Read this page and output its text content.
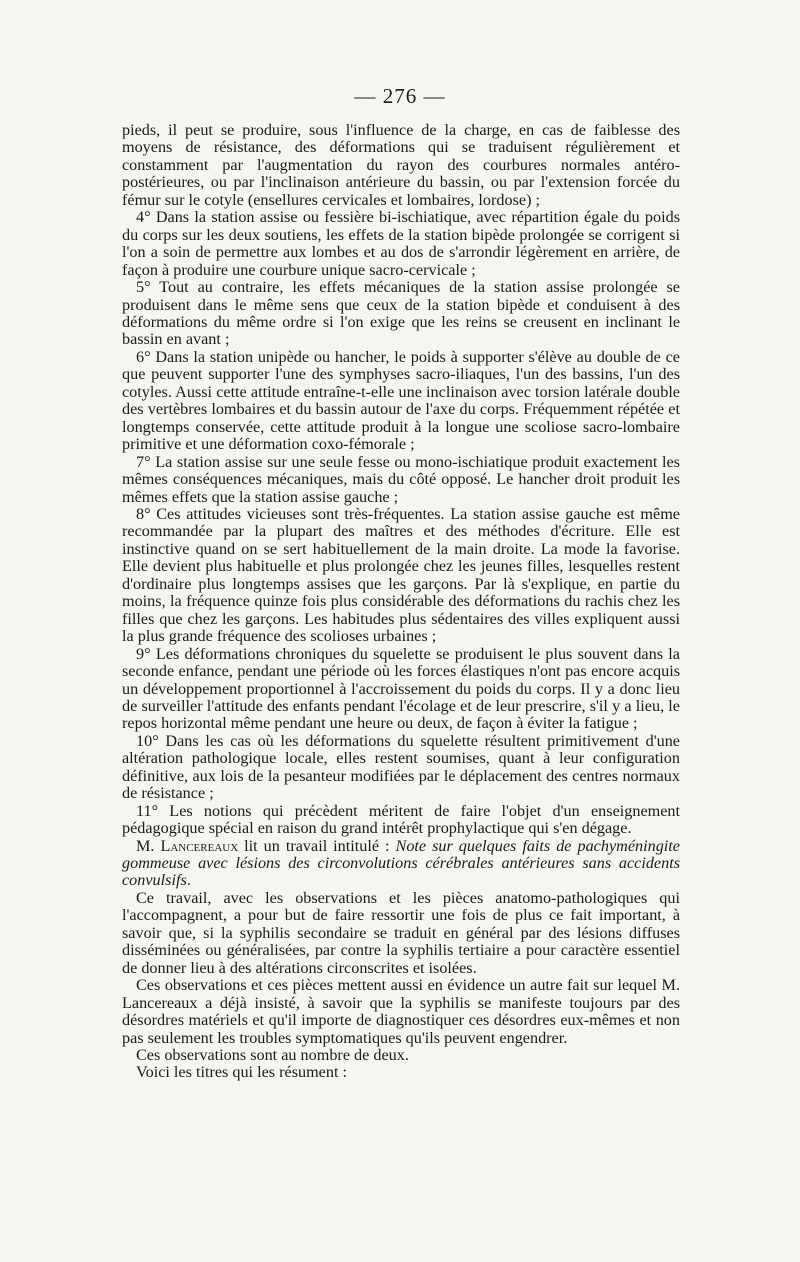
— 276 —

pieds, il peut se produire, sous l'influence de la charge, en cas de faiblesse des moyens de résistance, des déformations qui se traduisent régulièrement et constamment par l'augmentation du rayon des courbures normales antéro-postérieures, ou par l'inclinaison antérieure du bassin, ou par l'extension forcée du fémur sur le cotyle (ensellures cervicales et lombaires, lordose) ;

4° Dans la station assise ou fessière bi-ischiatique, avec répartition égale du poids du corps sur les deux soutiens, les effets de la station bipède prolongée se corrigent si l'on a soin de permettre aux lombes et au dos de s'arrondir légèrement en arrière, de façon à produire une courbure unique sacro-cervicale ;

5° Tout au contraire, les effets mécaniques de la station assise prolongée se produisent dans le même sens que ceux de la station bipède et conduisent à des déformations du même ordre si l'on exige que les reins se creusent en inclinant le bassin en avant ;

6° Dans la station unipède ou hancher, le poids à supporter s'élève au double de ce que peuvent supporter l'une des symphyses sacro-iliaques, l'un des bassins, l'un des cotyles. Aussi cette attitude entraîne-t-elle une inclinaison avec torsion latérale double des vertèbres lombaires et du bassin autour de l'axe du corps. Fréquemment répétée et longtemps conservée, cette attitude produit à la longue une scoliose sacro-lombaire primitive et une déformation coxo-fémorale ;

7° La station assise sur une seule fesse ou mono-ischiatique produit exactement les mêmes conséquences mécaniques, mais du côté opposé. Le hancher droit produit les mêmes effets que la station assise gauche ;

8° Ces attitudes vicieuses sont très-fréquentes. La station assise gauche est même recommandée par la plupart des maîtres et des méthodes d'écriture. Elle est instinctive quand on se sert habituellement de la main droite. La mode la favorise. Elle devient plus habituelle et plus prolongée chez les jeunes filles, lesquelles restent d'ordinaire plus longtemps assises que les garçons. Par là s'explique, en partie du moins, la fréquence quinze fois plus considérable des déformations du rachis chez les filles que chez les garçons. Les habitudes plus sédentaires des villes expliquent aussi la plus grande fréquence des scolioses urbaines ;

9° Les déformations chroniques du squelette se produisent le plus souvent dans la seconde enfance, pendant une période où les forces élastiques n'ont pas encore acquis un développement proportionnel à l'accroissement du poids du corps. Il y a donc lieu de surveiller l'attitude des enfants pendant l'écolage et de leur prescrire, s'il y a lieu, le repos horizontal même pendant une heure ou deux, de façon à éviter la fatigue ;

10° Dans les cas où les déformations du squelette résultent primitivement d'une altération pathologique locale, elles restent soumises, quant à leur configuration définitive, aux lois de la pesanteur modifiées par le déplacement des centres normaux de résistance ;

11° Les notions qui précèdent méritent de faire l'objet d'un enseignement pédagogique spécial en raison du grand intérêt prophylactique qui s'en dégage.

M. Lancereaux lit un travail intitulé : Note sur quelques faits de pachyméningite gommeuse avec lésions des circonvolutions cérébrales antérieures sans accidents convulsifs.

Ce travail, avec les observations et les pièces anatomo-pathologiques qui l'accompagnent, a pour but de faire ressortir une fois de plus ce fait important, à savoir que, si la syphilis secondaire se traduit en général par des lésions diffuses disséminées ou généralisées, par contre la syphilis tertiaire a pour caractère essentiel de donner lieu à des altérations circonscrites et isolées.

Ces observations et ces pièces mettent aussi en évidence un autre fait sur lequel M. Lancereaux a déjà insisté, à savoir que la syphilis se manifeste toujours par des désordres matériels et qu'il importe de diagnostiquer ces désordres eux-mêmes et non pas seulement les troubles symptomatiques qu'ils peuvent engendrer.

Ces observations sont au nombre de deux.

Voici les titres qui les résument :
